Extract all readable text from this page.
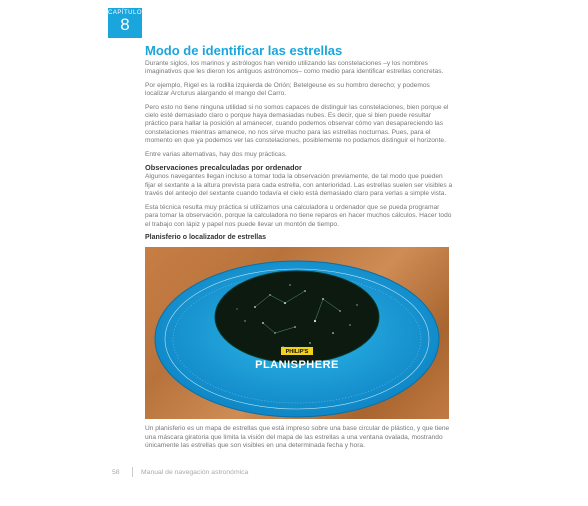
CAPÍTULO
8
Modo de identificar las estrellas

Durante siglos, los marinos y astrólogos han venido utilizando las constelaciones –y los nombres imaginativos que les dieron los antiguos astrónomos– como medio para identificar estrellas concretas.

Por ejemplo, Rigel es la rodilla izquierda de Orión; Betelgeuse es su hombro derecho; y podemos localizar Arcturus alargando el mango del Carro.

Pero esto no tiene ninguna utilidad si no somos capaces de distinguir las constelaciones, bien porque el cielo esté demasiado claro o porque haya demasiadas nubes. Es decir, que si bien puede resultar práctico para hallar la posición al amanecer, cuando podemos observar cómo van desapareciendo las constelaciones mientras amanece, no nos sirve mucho para las estrellas nocturnas. Pues, para el momento en que ya podemos ver las constelaciones, posiblemente no podamos distinguir el horizonte.

Entre varias alternativas, hay dos muy prácticas.

Observaciones precalculadas por ordenador

Algunos navegantes llegan incluso a tomar toda la observación previamente, de tal modo que pueden fijar el sextante a la altura prevista para cada estrella, con anterioridad. Las estrellas suelen ser visibles a través del anteojo del sextante cuando todavía el cielo está demasiado claro para verlas a simple vista.

Esta técnica resulta muy práctica si utilizamos una calculadora u ordenador que se pueda programar para tomar la observación, porque la calculadora no tiene reparos en hacer muchos cálculos. Hacer todo el trabajo con lápiz y papel nos puede llevar un montón de tiempo.

Planisferio o localizador de estrellas
PHILIP'S
PLANISPHERE

Un planisferio es un mapa de estrellas que está impreso sobre una base circular de plástico, y que tiene una máscara giratoria que limita la visión del mapa de las estrellas a una ventana ovalada, mostrando únicamente las estrellas que son visibles en una determinada fecha y hora.

58	Manual de navegación astronómica
